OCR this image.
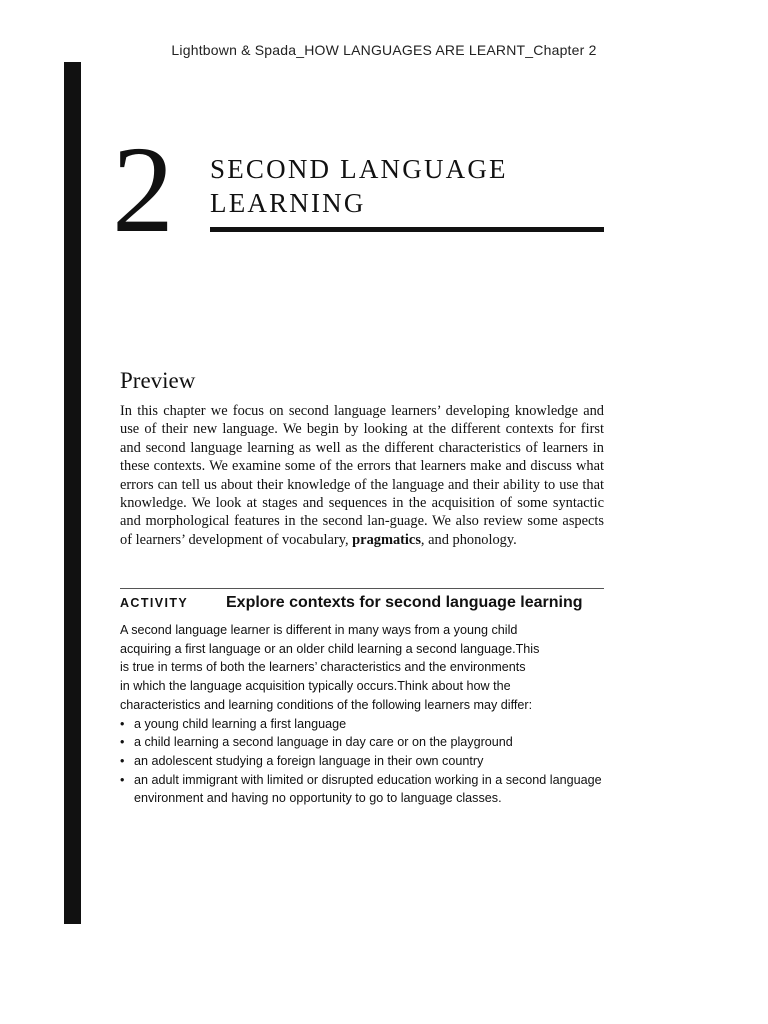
Lightbown & Spada_HOW LANGUAGES ARE LEARNT_Chapter 2
2 SECOND LANGUAGE
LEARNING
Preview

In this chapter we focus on second language learners’ developing knowledge and use of their new language. We begin by looking at the different contexts for first and second language learning as well as the different characteristics of learners in these contexts. We examine some of the errors that learners make and discuss what errors can tell us about their knowledge of the language and their ability to use that knowledge. We look at stages and sequences in the acquisition of some syntactic and morphological features in the second lan-guage. We also review some aspects of learners’ development of vocabulary, pragmatics, and phonology.

ACTIVITY	Explore contexts for second language learning
A second language learner is different in many ways from a young child
acquiring a first language or an older child learning a second language.This
is true in terms of both the learners’ characteristics and the environments
in which the language acquisition typically occurs.Think about how the
characteristics and learning conditions of the following learners may differ:
• a young child learning a first language
• a child learning a second language in day care or on the playground
• an adolescent studying a foreign language in their own country
• an adult immigrant with limited or disrupted education working in a second language environment and having no opportunity to go to language classes.
